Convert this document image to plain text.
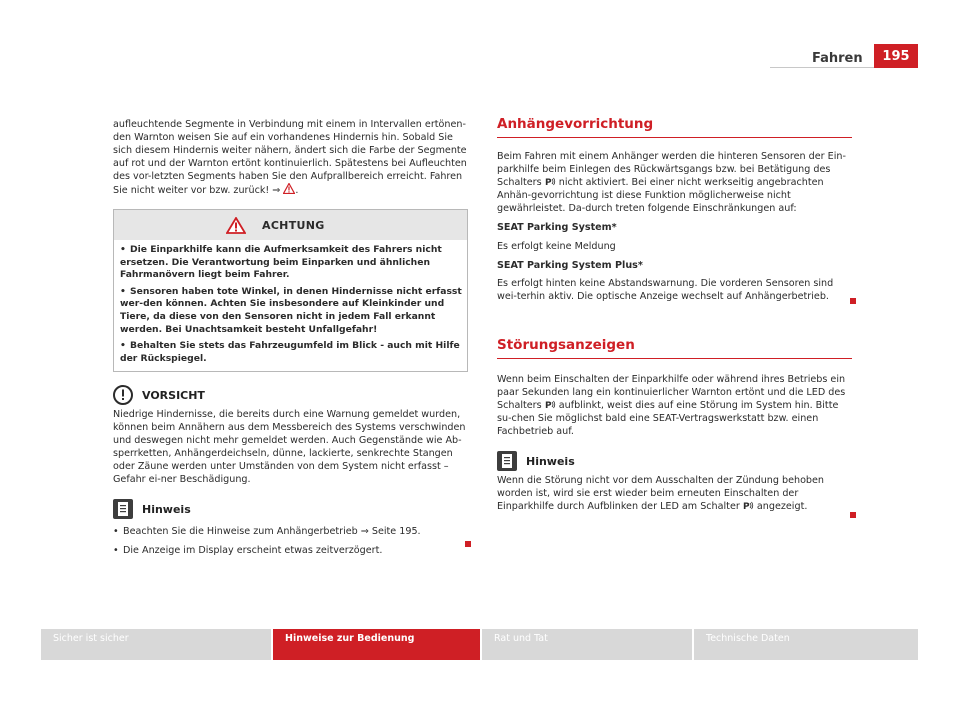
Fahren	195

aufleuchtende Segmente in Verbindung mit einem in Intervallen ertönen-den Warnton weisen Sie auf ein vorhandenes Hindernis hin. Sobald Sie sich diesem Hindernis weiter nähern, ändert sich die Farbe der Segmente auf rot und der Warnton ertönt kontinuierlich. Spätestens bei Aufleuchten des vor-letzten Segments haben Sie den Aufprallbereich erreicht. Fahren Sie nicht weiter vor bzw. zurück! ⇒ .

ACHTUNG

• Die Einparkhilfe kann die Aufmerksamkeit des Fahrers nicht ersetzen. Die Verantwortung beim Einparken und ähnlichen Fahrmanövern liegt beim Fahrer.

• Sensoren haben tote Winkel, in denen Hindernisse nicht erfasst wer-den können. Achten Sie insbesondere auf Kleinkinder und Tiere, da diese von den Sensoren nicht in jedem Fall erkannt werden. Bei Unachtsamkeit besteht Unfallgefahr!

• Behalten Sie stets das Fahrzeugumfeld im Blick - auch mit Hilfe der Rückspiegel.

VORSICHT

Niedrige Hindernisse, die bereits durch eine Warnung gemeldet wurden, können beim Annähern aus dem Messbereich des Systems verschwinden und deswegen nicht mehr gemeldet werden. Auch Gegenstände wie Ab-sperrketten, Anhängerdeichseln, dünne, lackierte, senkrechte Stangen oder Zäune werden unter Umständen von dem System nicht erfasst – Gefahr ei-ner Beschädigung.

Hinweis

• Beachten Sie die Hinweise zum Anhängerbetrieb ⇒ Seite 195.

• Die Anzeige im Display erscheint etwas zeitverzögert.

Anhängevorrichtung

Beim Fahren mit einem Anhänger werden die hinteren Sensoren der Ein-parkhilfe beim Einlegen des Rückwärtsgangs bzw. bei Betätigung des Schalters P nicht aktiviert. Bei einer nicht werkseitig angebrachten Anhän-gevorrichtung ist diese Funktion möglicherweise nicht gewährleistet. Da-durch treten folgende Einschränkungen auf:

SEAT Parking System*

Es erfolgt keine Meldung

SEAT Parking System Plus*

Es erfolgt hinten keine Abstandswarnung. Die vorderen Sensoren sind wei-terhin aktiv. Die optische Anzeige wechselt auf Anhängerbetrieb.

Störungsanzeigen

Wenn beim Einschalten der Einparkhilfe oder während ihres Betriebs ein paar Sekunden lang ein kontinuierlicher Warnton ertönt und die LED des Schalters P aufblinkt, weist dies auf eine Störung im System hin. Bitte su-chen Sie möglichst bald eine SEAT-Vertragswerkstatt bzw. einen Fachbetrieb auf.

Hinweis

Wenn die Störung nicht vor dem Ausschalten der Zündung behoben worden ist, wird sie erst wieder beim erneuten Einschalten der Einparkhilfe durch Aufblinken der LED am Schalter P angezeigt.

Sicher ist sicher	Hinweise zur Bedienung	Rat und Tat	Technische Daten
